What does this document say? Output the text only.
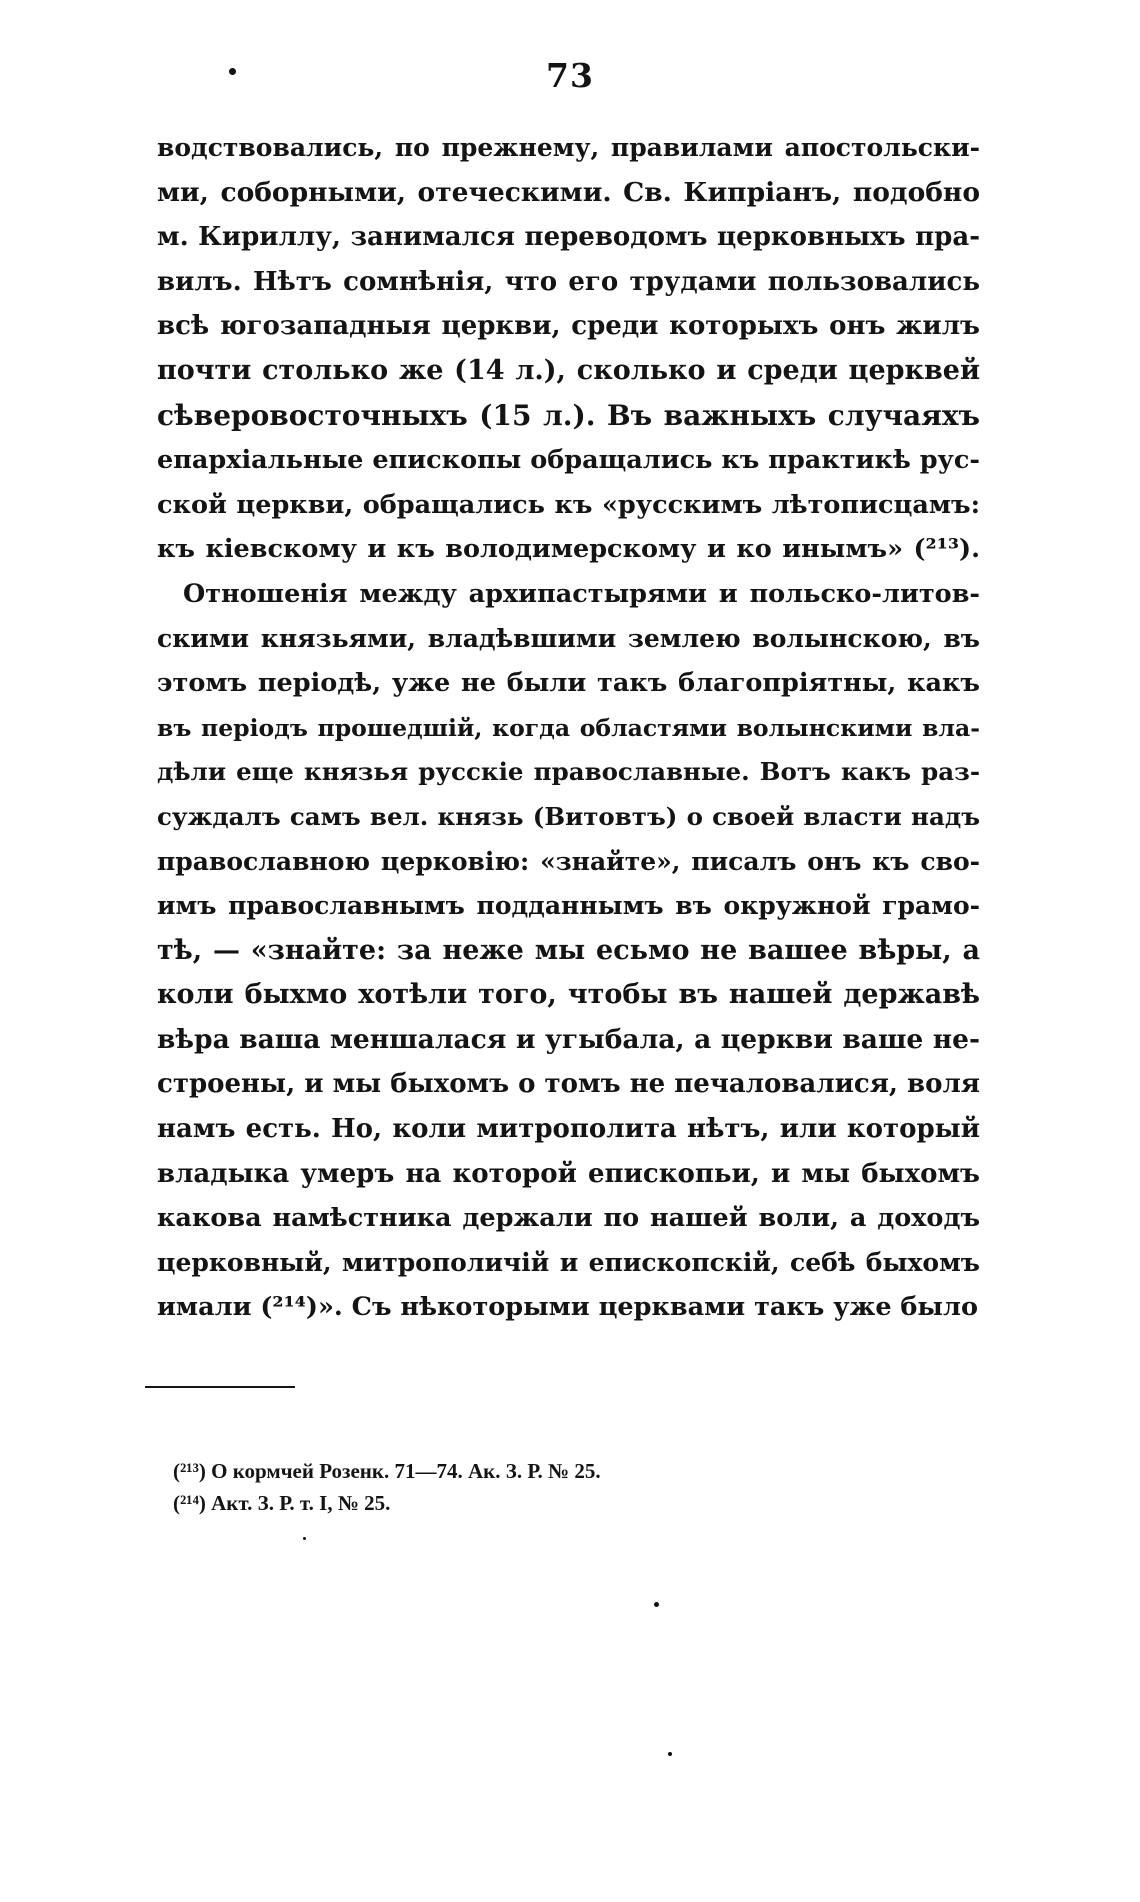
73
водствовались, по прежнему, правилами апостольски-
ми, соборными, отеческими. Св. Кипріанъ, подобно
м. Кириллу, занимался переводомъ церковныхъ пра-
вилъ. Нѣтъ сомнѣнія, что его трудами пользовались
всѣ югозападныя церкви, среди которыхъ онъ жилъ
почти столько же (14 л.), сколько и среди церквей
сѣверовосточныхъ (15 л.). Въ важныхъ случаяхъ
епархіальные епископы обращались къ практикѣ рус-
ской церкви, обращались къ «русскимъ лѣтописцамъ:
къ кіевскому и къ володимерскому и ко инымъ» (²¹³).
Отношенія между архипастырями и польско-литов-
скими князьями, владѣвшими землею волынскою, въ
этомъ періодѣ, уже не были такъ благопріятны, какъ
въ періодъ прошедшій, когда областями волынскими вла-
дѣли еще князья русскіе православные. Вотъ какъ раз-
суждалъ самъ вел. князь (Витовтъ) о своей власти надъ
православною церковію: «знайте», писалъ онъ къ сво-
имъ православнымъ подданнымъ въ окружной грамо-
тѣ, — «знайте: за неже мы есьмо не вашее вѣры, а
коли быхмо хотѣли того, чтобы въ нашей державѣ
вѣра ваша меншалася и угыбала, а церкви ваше не-
строены, и мы быхомъ о томъ не печаловалися, воля
намъ есть. Но, коли митрополита нѣтъ, или который
владыка умеръ на которой епископьи, и мы быхомъ
какова намѣстника держали по нашей воли, а доходъ
церковный, митрополичій и епископскій, себѣ быхомъ
имали (²¹⁴)». Съ нѣкоторыми церквами такъ уже было
(²¹³) О кормчей Розенк. 71—74. Ак. З. Р. № 25.
(²¹⁴) Акт. З. Р. т. I, № 25.
